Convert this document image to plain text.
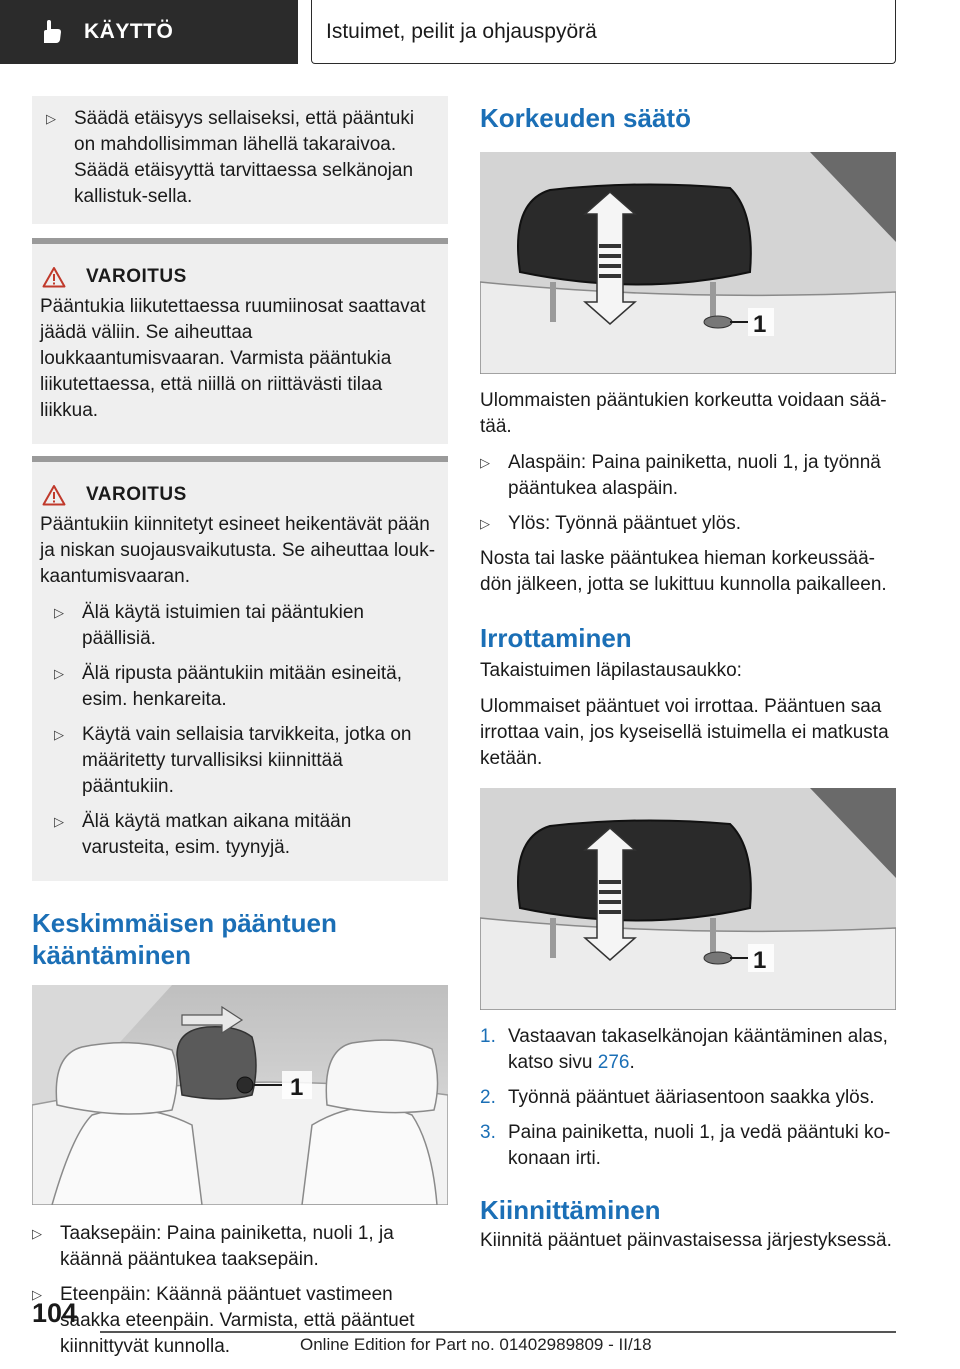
KÄYTTÖ	Istuimet, peilit ja ohjauspyörä
▷ Säädä etäisyys sellaiseksi, että pääntuki on mahdollisimman lähellä takaraivoa. Säädä etäisyyttä tarvittaessa selkänojan kallistuk-sella.
VAROITUS

Pääntukia liikutettaessa ruumiinosat saattavat jäädä väliin. Se aiheuttaa loukkaantumisvaaran. Varmista pääntukia liikutettaessa, että niillä on riittävästi tilaa liikkua.

VAROITUS

Pääntukiin kiinnitetyt esineet heikentävät pään ja niskan suojausvaikutusta. Se aiheuttaa louk-kaantumisvaaran.

▷ Älä käytä istuimien tai pääntukien päällisiä.
▷ Älä ripusta pääntukiin mitään esineitä, esim. henkareita.
▷ Käytä vain sellaisia tarvikkeita, jotka on määritetty turvallisiksi kiinnittää pääntukiin.
▷ Älä käytä matkan aikana mitään varusteita, esim. tyynyjä.
Keskimmäisen pääntuen kääntäminen
1
▷ Taaksepäin: Paina painiketta, nuoli 1, ja käännä pääntukea taaksepäin.
▷ Eteenpäin: Käännä pääntuet vastimeen saakka eteenpäin. Varmista, että pääntuet kiinnittyvät kunnolla.
Korkeuden säätö
1

Ulommaisten pääntukien korkeutta voidaan sää-tää.

▷ Alaspäin: Paina painiketta, nuoli 1, ja työnnä pääntukea alaspäin.
▷ Ylös: Työnnä pääntuet ylös.

Nosta tai laske pääntukea hieman korkeussää-dön jälkeen, jotta se lukittuu kunnolla paikalleen.

Irrottaminen

Takaistuimen läpilastausaukko:

Ulommaiset pääntuet voi irrottaa. Pääntuen saa irrottaa vain, jos kyseisellä istuimella ei matkusta ketään.

1
1. Vastaavan takaselkänojan kääntäminen alas, katso sivu 276.
2. Työnnä pääntuet ääriasentoon saakka ylös.
3. Paina painiketta, nuoli 1, ja vedä pääntuki ko-konaan irti.
Kiinnittäminen

Kiinnitä pääntuet päinvastaisessa järjestyksessä.

104
Online Edition for Part no. 01402989809 - II/18
